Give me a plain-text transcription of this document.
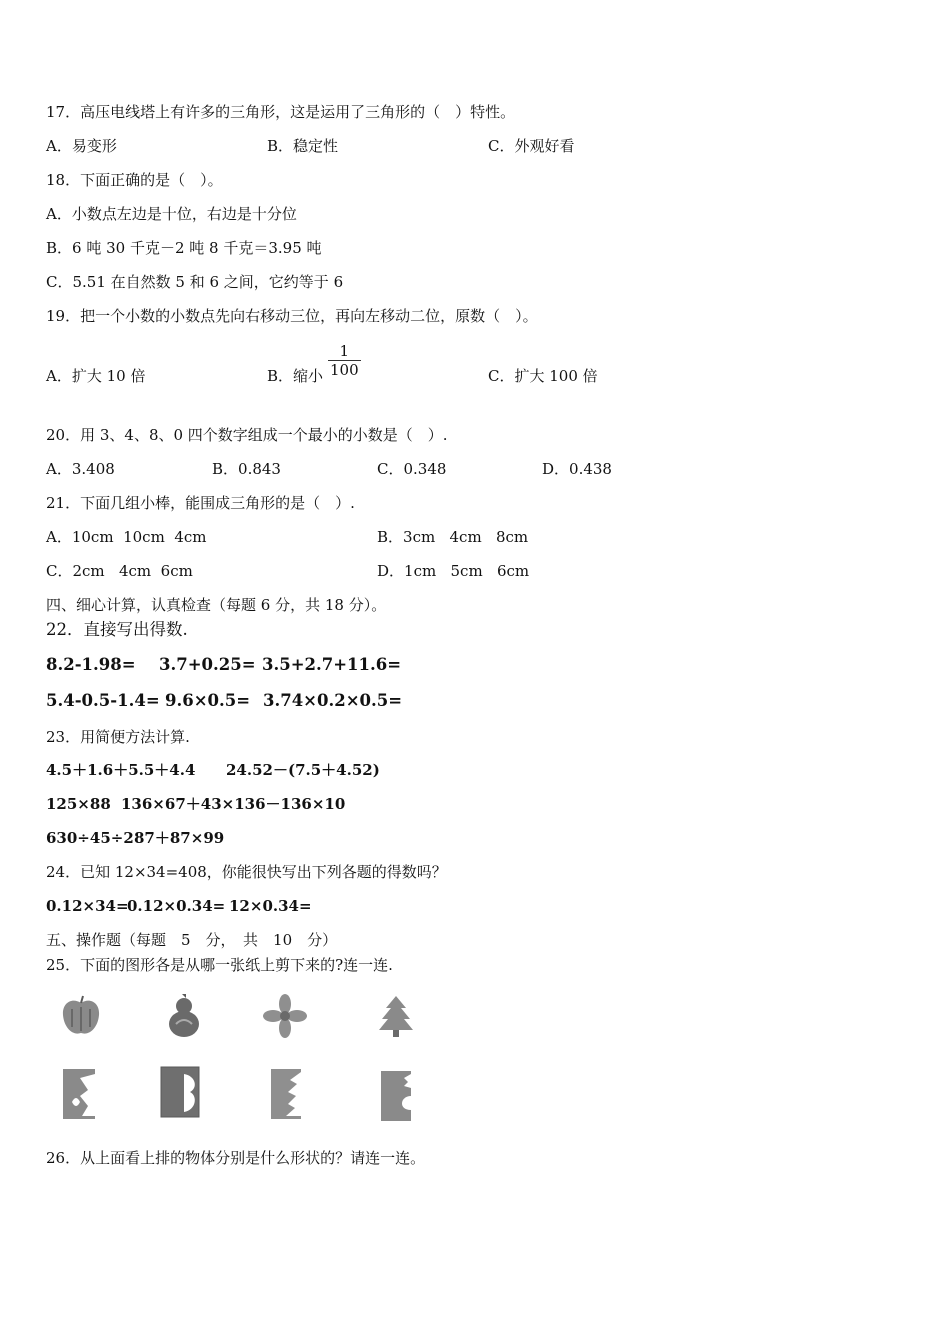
17．高压电线塔上有许多的三角形，这是运用了三角形的（　）特性。
A．易变形	B．稳定性	C．外观好看
18．下面正确的是（　）。
A．小数点左边是十位，右边是十分位
B．6 吨 30 千克－2 吨 8 千克＝3.95 吨
C．5.51 在自然数 5 和 6 之间，它约等于 6
19．把一个小数的小数点先向右移动三位，再向左移动二位，原数（　）。
A．扩大 10 倍	B．缩小 $\frac{1}{100}$	C．扩大 100 倍
20．用 3、4、8、0 四个数字组成一个最小的小数是（　）.
A．3.408	B．0.843	C．0.348	D．0.438
21．下面几组小棒，能围成三角形的是（　）.
A．10cm  10cm  4cm	B．3cm   4cm   8cm
C．2cm   4cm  6cm	D．1cm   5cm   6cm
四、细心计算，认真检查（每题 6 分，共 18 分）。
22．直接写出得数.
8.2-1.98= 3.7+0.25= 3.5+2.7+11.6=
5.4-0.5-1.4= 9.6×0.5= 3.74×0.2×0.5=
23．用简便方法计算.
4.5＋1.6＋5.5＋4.4 24.52－(7.5＋4.52)
125×88 136×67＋43×136－136×10
630÷45÷2 87＋87×99
24．已知 12×34=408，你能很快写出下列各题的得数吗？
0.12×34=
0.12×0.34= 12×0.34=
五、操作题（每题　5　分，　共　10　分）
25．下面的图形各是从哪一张纸上剪下来的?连一连.
26．从上面看上排的物体分别是什么形状的？请连一连。
